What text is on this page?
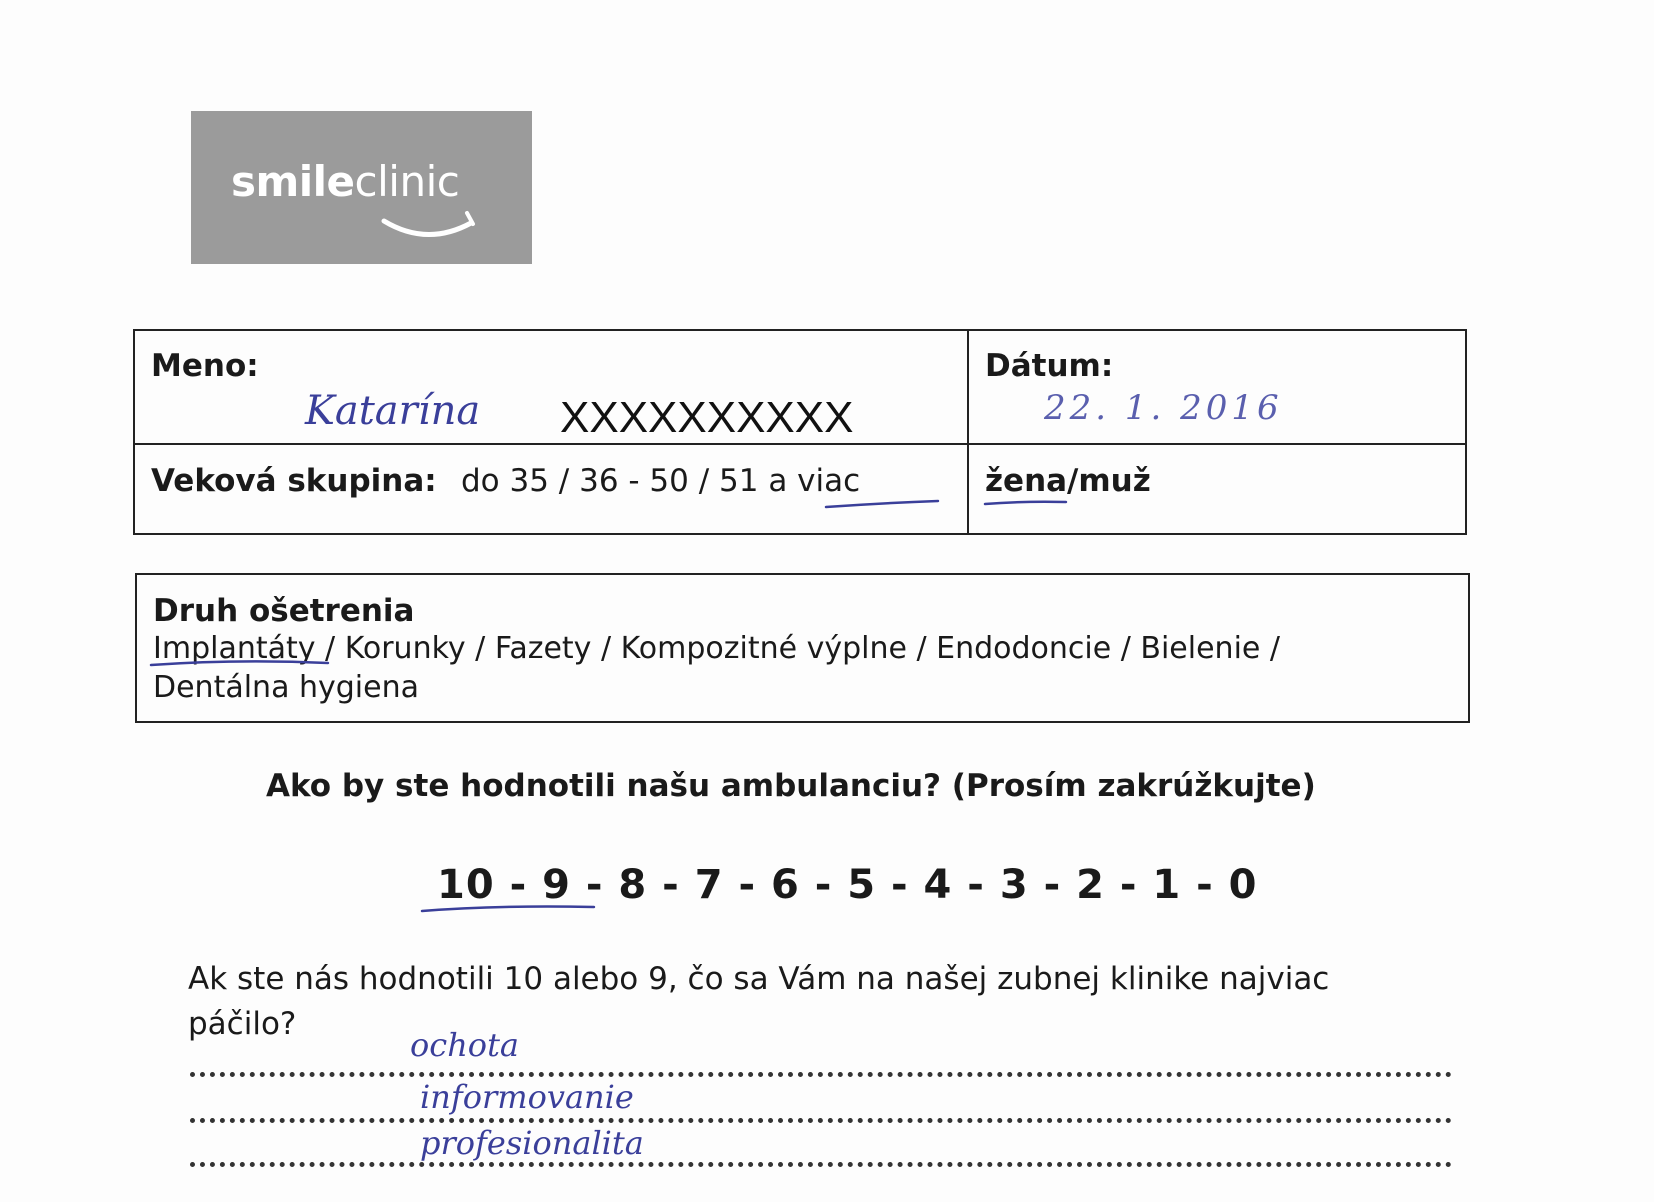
smileclinic
Meno:
Katarína XXXXXXXXXX
Dátum:
22. 1. 2016
Veková skupina: do 35 / 36 - 50 / 51 a viac	žena/muž
Druh ošetrenia
Implantáty / Korunky / Fazety / Kompozitné výplne / Endodoncie / Bielenie /
Dentálna hygiena
Ako by ste hodnotili našu ambulanciu? (Prosím zakrúžkujte)
10 - 9 - 8 - 7 - 6 - 5 - 4 - 3 - 2 - 1 - 0
Ak ste nás hodnotili 10 alebo 9, čo sa Vám na našej zubnej klinike najviac
páčilo?
ochota
informovanie
profesionalita
